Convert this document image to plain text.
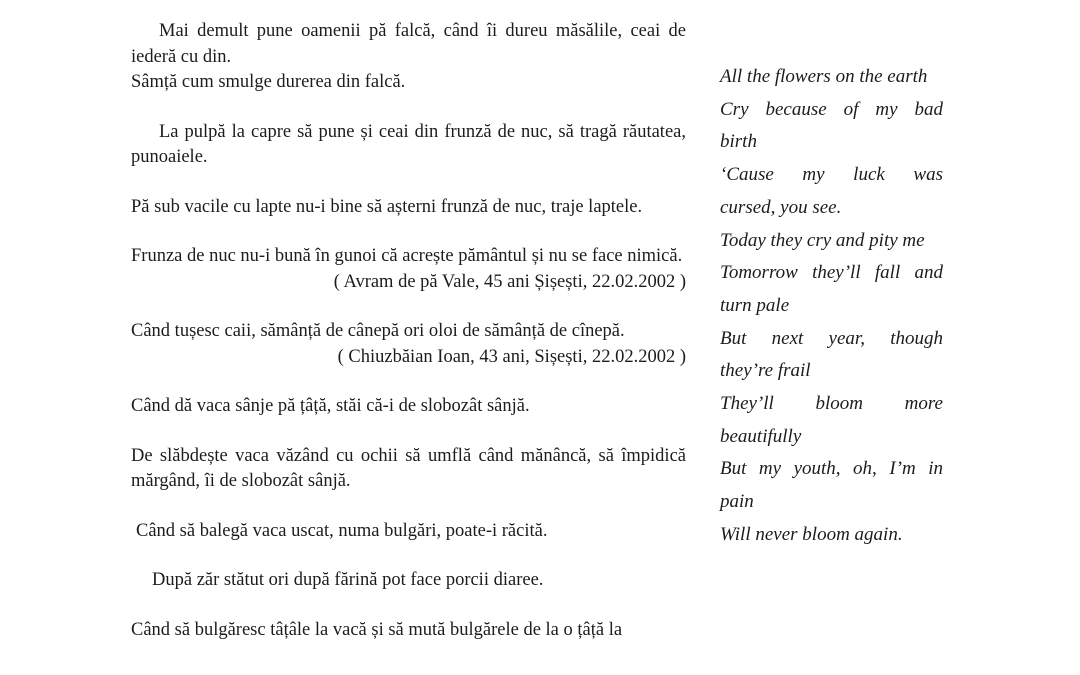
Mai demult pune oamenii pă falcă, când îi dureu măsălile, ceai de iederă cu din.

Sâmță cum smulge durerea din falcă.

La pulpă la capre să pune și ceai din frunză de nuc, să tragă răutatea, punoaiele.

Pă sub vacile cu lapte nu-i bine să așterni frunză de nuc, traje laptele.

Frunza de nuc nu-i bună în gunoi că acrește pământul și nu se face nimică.

( Avram de pă Vale, 45 ani Șișești, 22.02.2002 )

Când tușesc caii, sămânță de cânepă ori oloi de sămânță de cînepă.

( Chiuzbăian Ioan, 43 ani, Sișești, 22.02.2002 )

Când dă vaca sânje pă țâță, stăi că-i de slobozât sânjă.

De slăbdește vaca văzând cu ochii să umflă când mănâncă, să împidică mărgând, îi de slobozât sânjă.

Când să balegă vaca uscat, numa bulgări, poate-i răcită.

După zăr stătut ori după fărină pot face porcii diaree.

Când să bulgăresc tâțâle la vacă și să mută bulgărele de la o țâță la

All the flowers on the earth
Cry because of my bad
birth
‘Cause my luck was
cursed, you see.
Today they cry and pity me
Tomorrow they’ll fall and
turn pale
But next year, though
they’re frail
They’ll bloom more
beautifully
But my youth, oh, I’m in
pain
Will never bloom again.
